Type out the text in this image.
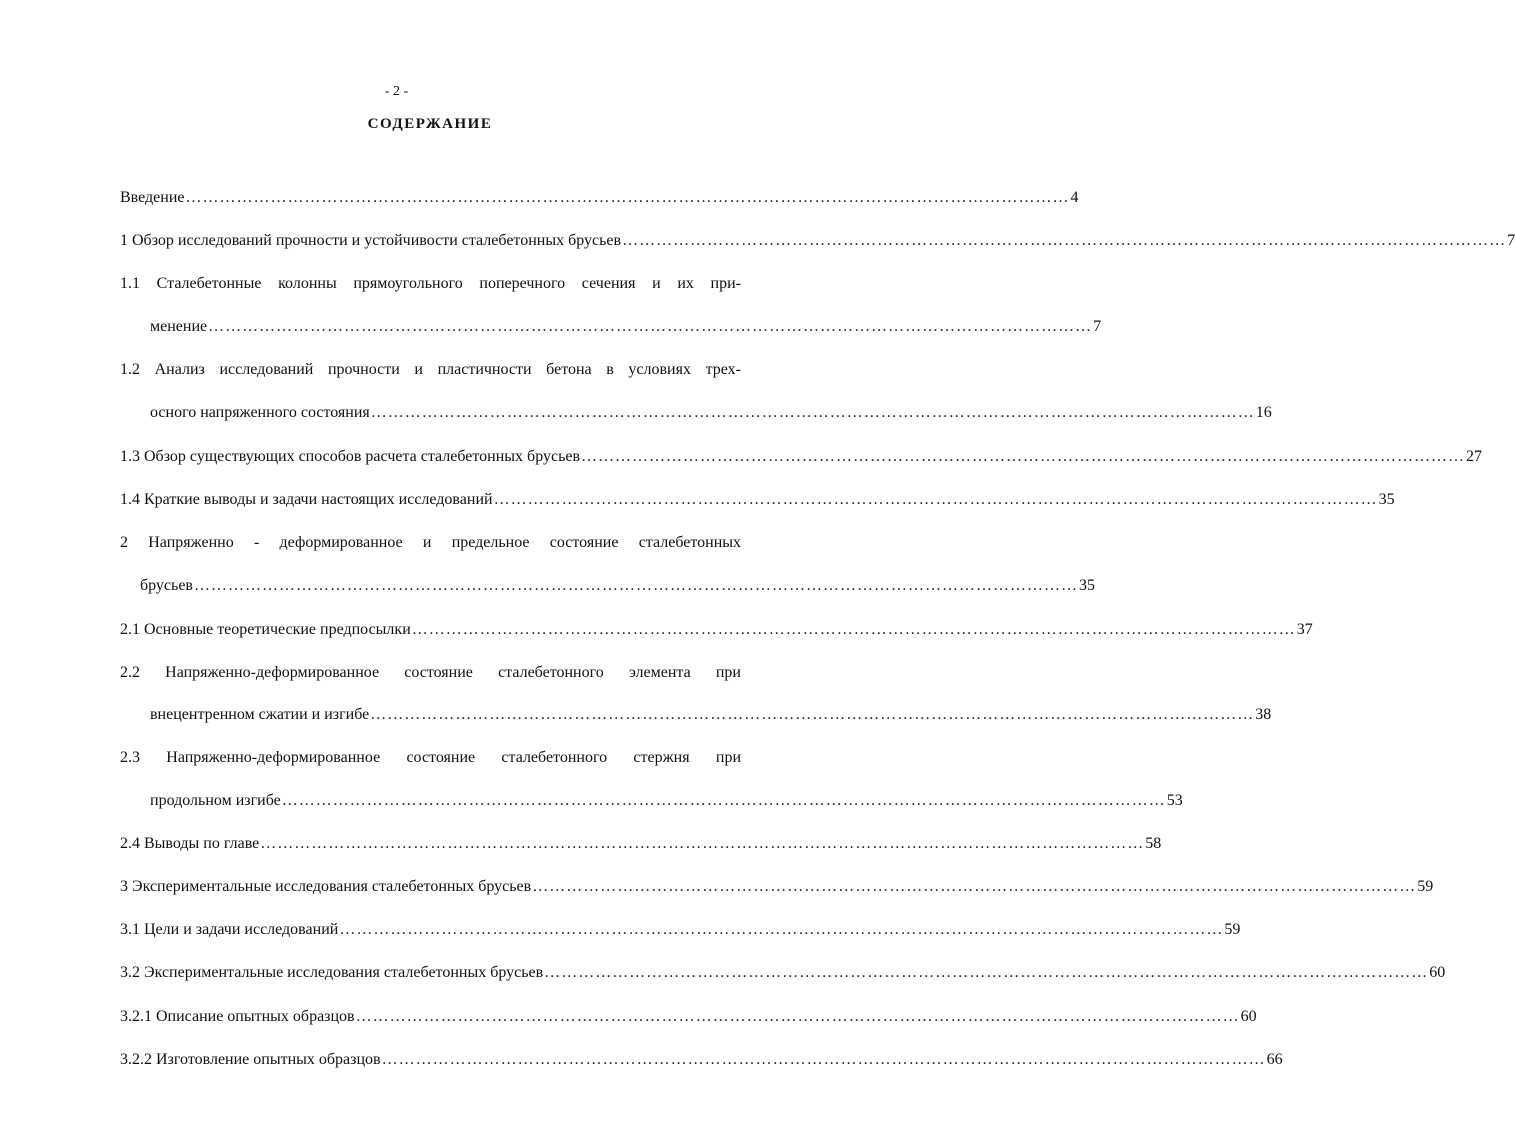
- 2 -
СОДЕРЖАНИЕ
Введение ………………………………………………………………………………………………………………………………………… 4
1 Обзор исследований прочности и устойчивости сталебетонных брусьев ………………………………………………………………………………………………………………………………………… 7
1.1 Сталебетонные колонны прямоугольного поперечного сечения и их при-
менение ………………………………………………………………………………………………………………………………………… 7
1.2 Анализ исследований прочности и пластичности бетона в условиях трех-
осного напряженного состояния ………………………………………………………………………………………………………………………………………… 16
1.3 Обзор существующих способов расчета сталебетонных брусьев ………………………………………………………………………………………………………………………………………… 27
1.4 Краткие выводы и задачи настоящих исследований ………………………………………………………………………………………………………………………………………… 35
2 Напряженно - деформированное и предельное состояние сталебетонных
брусьев ………………………………………………………………………………………………………………………………………… 35
2.1 Основные теоретические предпосылки ………………………………………………………………………………………………………………………………………… 37
2.2 Напряженно-деформированное состояние сталебетонного элемента при
внецентренном сжатии и изгибе ………………………………………………………………………………………………………………………………………… 38
2.3 Напряженно-деформированное состояние сталебетонного стержня при
продольном изгибе ………………………………………………………………………………………………………………………………………… 53
2.4 Выводы по главе ………………………………………………………………………………………………………………………………………… 58
3 Экспериментальные исследования сталебетонных брусьев ………………………………………………………………………………………………………………………………………… 59
3.1 Цели и задачи исследований ………………………………………………………………………………………………………………………………………… 59
3.2 Экспериментальные исследования сталебетонных брусьев ………………………………………………………………………………………………………………………………………… 60
3.2.1 Описание опытных образцов ………………………………………………………………………………………………………………………………………… 60
3.2.2 Изготовление опытных образцов ………………………………………………………………………………………………………………………………………… 66
